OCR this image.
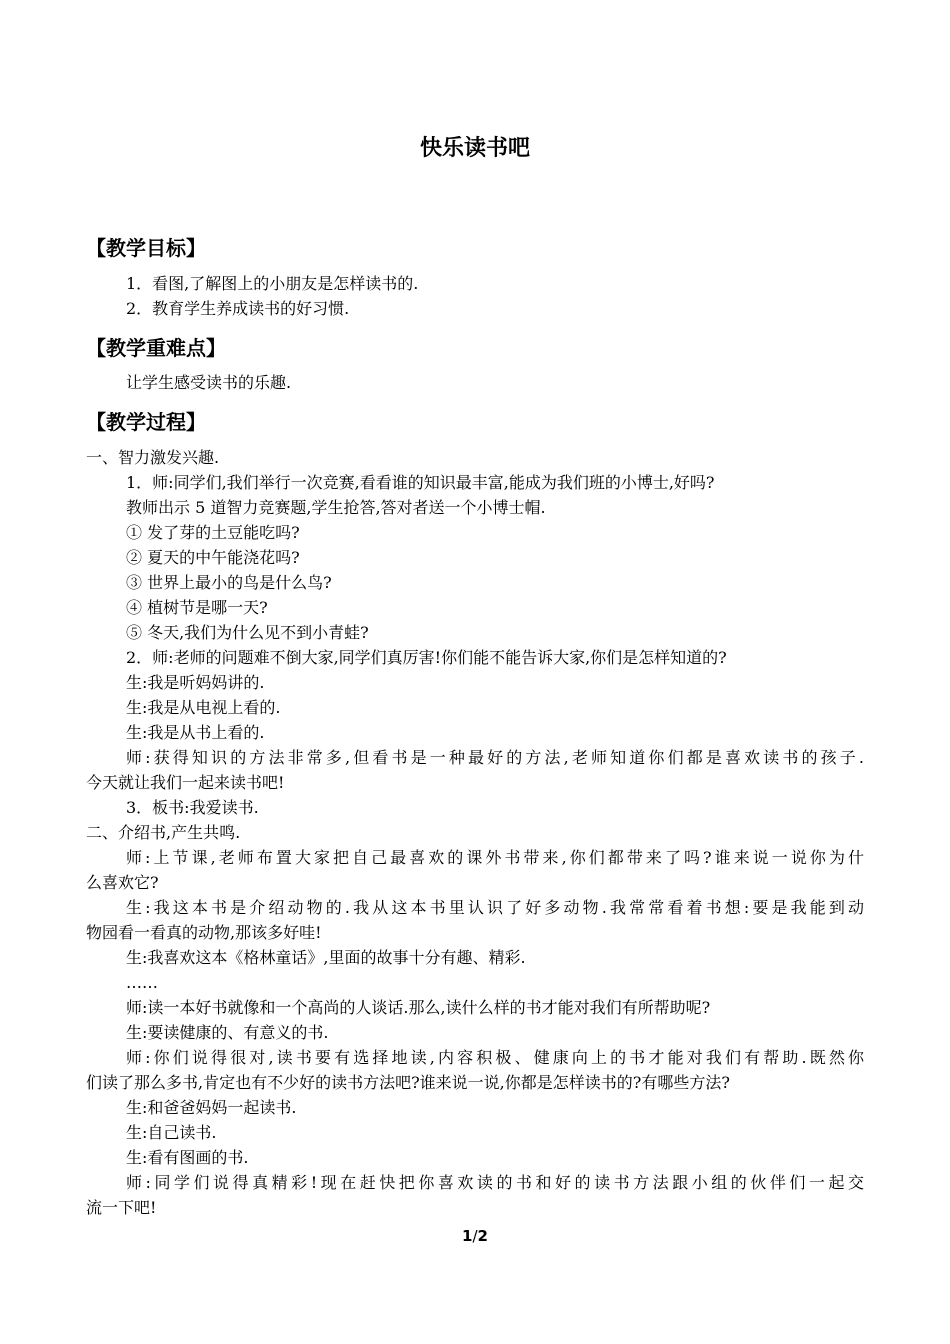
快乐读书吧
【教学目标】
1．看图,了解图上的小朋友是怎样读书的.
2．教育学生养成读书的好习惯.
【教学重难点】
让学生感受读书的乐趣.
【教学过程】
一、智力激发兴趣.
1．师:同学们,我们举行一次竞赛,看看谁的知识最丰富,能成为我们班的小博士,好吗?
教师出示 5 道智力竞赛题,学生抢答,答对者送一个小博士帽.
① 发了芽的土豆能吃吗?
② 夏天的中午能浇花吗?
③ 世界上最小的鸟是什么鸟?
④ 植树节是哪一天?
⑤ 冬天,我们为什么见不到小青蛙?
2．师:老师的问题难不倒大家,同学们真厉害!你们能不能告诉大家,你们是怎样知道的?
生:我是听妈妈讲的.
生:我是从电视上看的.
生:我是从书上看的.
师:获得知识的方法非常多,但看书是一种最好的方法,老师知道你们都是喜欢读书的孩子.
今天就让我们一起来读书吧!
3．板书:我爱读书.
二、介绍书,产生共鸣.
师:上节课,老师布置大家把自己最喜欢的课外书带来,你们都带来了吗?谁来说一说你为什
么喜欢它?
生:我这本书是介绍动物的.我从这本书里认识了好多动物.我常常看着书想:要是我能到动
物园看一看真的动物,那该多好哇!
生:我喜欢这本《格林童话》,里面的故事十分有趣、精彩.
……
师:读一本好书就像和一个高尚的人谈话.那么,读什么样的书才能对我们有所帮助呢?
生:要读健康的、有意义的书.
师:你们说得很对,读书要有选择地读,内容积极、健康向上的书才能对我们有帮助.既然你
们读了那么多书,肯定也有不少好的读书方法吧?谁来说一说,你都是怎样读书的?有哪些方法?
生:和爸爸妈妈一起读书.
生:自己读书.
生:看有图画的书.
师:同学们说得真精彩!现在赶快把你喜欢读的书和好的读书方法跟小组的伙伴们一起交
流一下吧!
1/2
